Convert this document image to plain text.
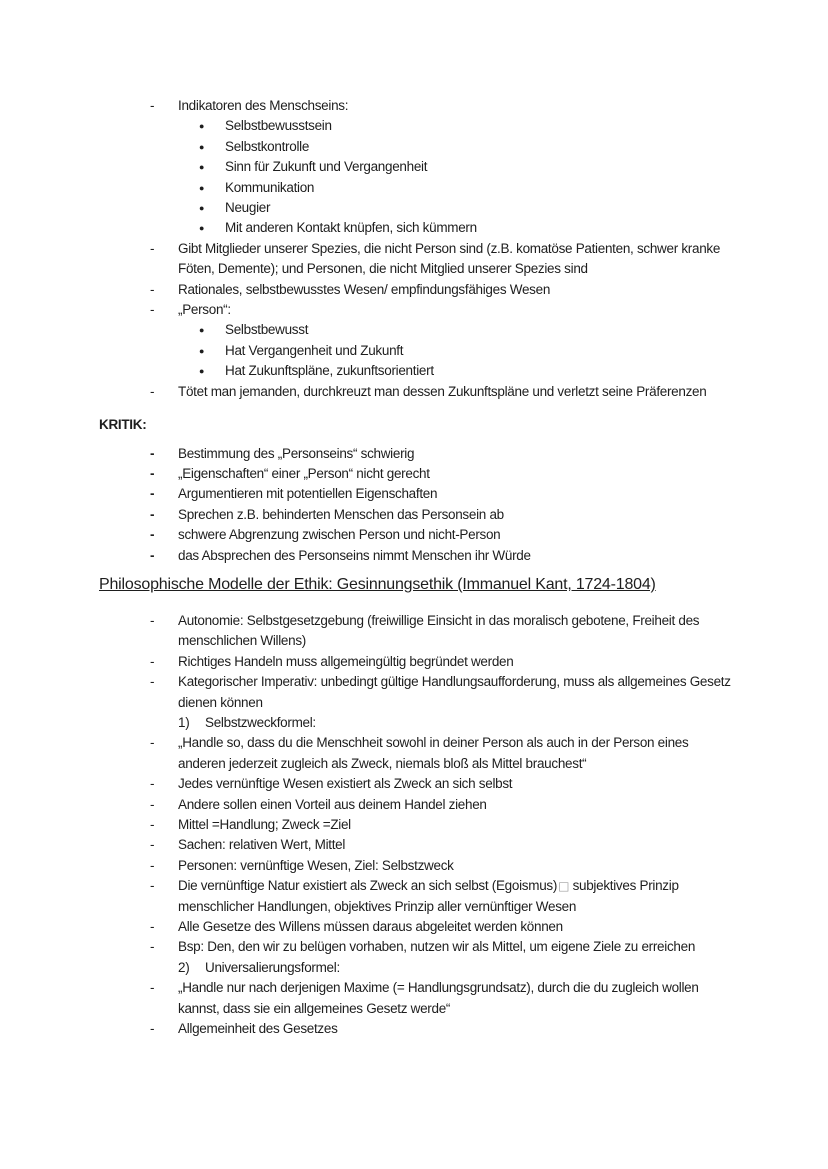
- Indikatoren des Menschseins:
● Selbstbewusstsein
● Selbstkontrolle
● Sinn für Zukunft und Vergangenheit
● Kommunikation
● Neugier
● Mit anderen Kontakt knüpfen, sich kümmern
- Gibt Mitglieder unserer Spezies, die nicht Person sind (z.B. komatöse Patienten, schwer kranke Föten, Demente); und Personen, die nicht Mitglied unserer Spezies sind
- Rationales, selbstbewusstes Wesen/ empfindungsfähiges Wesen
- „Person“:
● Selbstbewusst
● Hat Vergangenheit und Zukunft
● Hat Zukunftspläne, zukunftsorientiert
- Tötet man jemanden, durchkreuzt man dessen Zukunftspläne und verletzt seine Präferenzen
KRITIK:
- Bestimmung des „Personseins“ schwierig
- „Eigenschaften“ einer „Person“ nicht gerecht
- Argumentieren mit potentiellen Eigenschaften
- Sprechen z.B. behinderten Menschen das Personsein ab
- schwere Abgrenzung zwischen Person und nicht-Person
- das Absprechen des Personseins nimmt Menschen ihr Würde
Philosophische Modelle der Ethik: Gesinnungsethik (Immanuel Kant, 1724-1804)
- Autonomie: Selbstgesetzgebung (freiwillige Einsicht in das moralisch gebotene, Freiheit des menschlichen Willens)
- Richtiges Handeln muss allgemeingültig begründet werden
- Kategorischer Imperativ: unbedingt gültige Handlungsaufforderung, muss als allgemeines Gesetz dienen können
1) Selbstzweckformel:
- „Handle so, dass du die Menschheit sowohl in deiner Person als auch in der Person eines anderen jederzeit zugleich als Zweck, niemals bloß als Mittel brauchest“
- Jedes vernünftige Wesen existiert als Zweck an sich selbst
- Andere sollen einen Vorteil aus deinem Handel ziehen
- Mittel =Handlung; Zweck =Ziel
- Sachen: relativen Wert, Mittel
- Personen: vernünftige Wesen, Ziel: Selbstzweck
- Die vernünftige Natur existiert als Zweck an sich selbst (Egoismus)□ subjektives Prinzip menschlicher Handlungen, objektives Prinzip aller vernünftiger Wesen
- Alle Gesetze des Willens müssen daraus abgeleitet werden können
- Bsp: Den, den wir zu belügen vorhaben, nutzen wir als Mittel, um eigene Ziele zu erreichen
2) Universalierungsformel:
- „Handle nur nach derjenigen Maxime (= Handlungsgrundsatz), durch die du zugleich wollen kannst, dass sie ein allgemeines Gesetz werde“
- Allgemeinheit des Gesetzes
